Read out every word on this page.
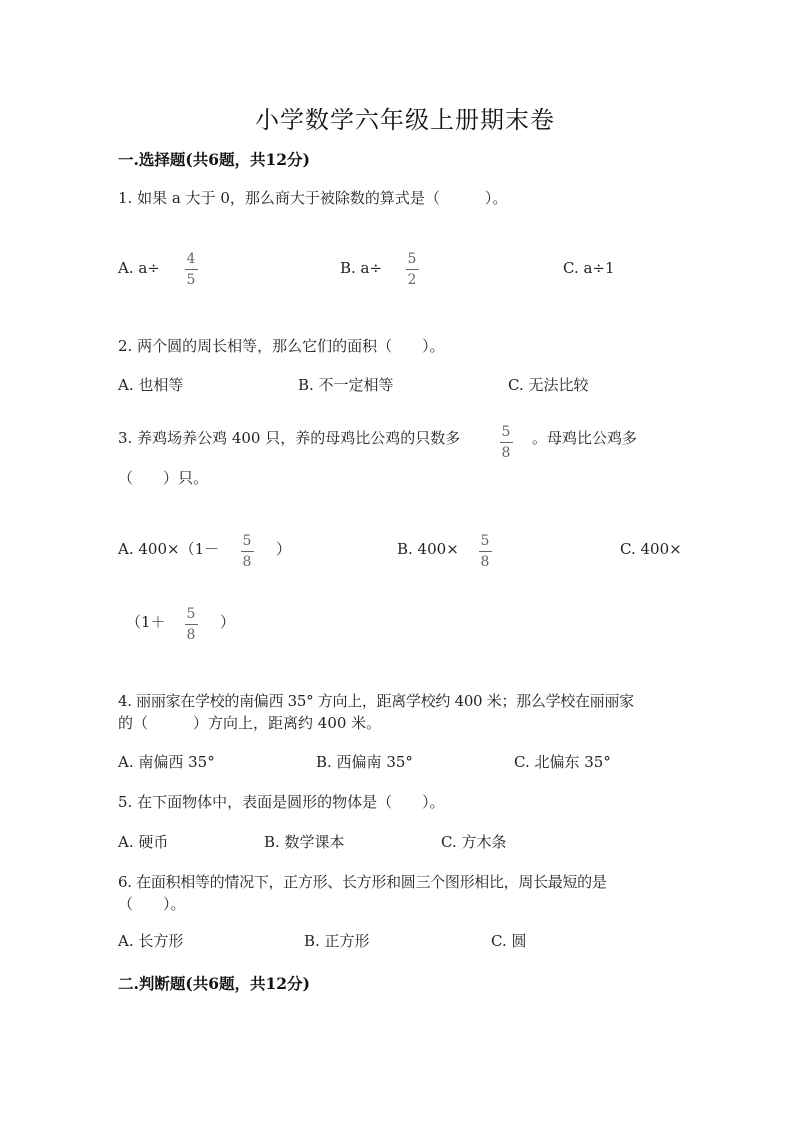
小学数学六年级上册期末卷
一.选择题(共6题，共12分)
1. 如果 a 大于 0，那么商大于被除数的算式是（　　　）。
A. a÷ 4
5
B. a÷ 5
2
C. a÷1
2. 两个圆的周长相等，那么它们的面积（　　）。
A. 也相等	B. 不一定相等	C. 无法比较
3. 养鸡场养公鸡 400 只，养的母鸡比公鸡的只数多	5
8
。母鸡比公鸡多
（　　）只。
A. 400×（1－ 5
8
）	B. 400× 5
8
C. 400×
（1＋ 5
8
）
4. 丽丽家在学校的南偏西 35° 方向上，距离学校约 400 米；那么学校在丽丽家
的（　　　）方向上，距离约 400 米。
A. 南偏西 35°	B. 西偏南 35°	C. 北偏东 35°
5. 在下面物体中，表面是圆形的物体是（　　）。
A. 硬币	B. 数学课本	C. 方木条
6. 在面积相等的情况下，正方形、长方形和圆三个图形相比，周长最短的是
（　　）。
A. 长方形	B. 正方形	C. 圆
二.判断题(共6题，共12分)
